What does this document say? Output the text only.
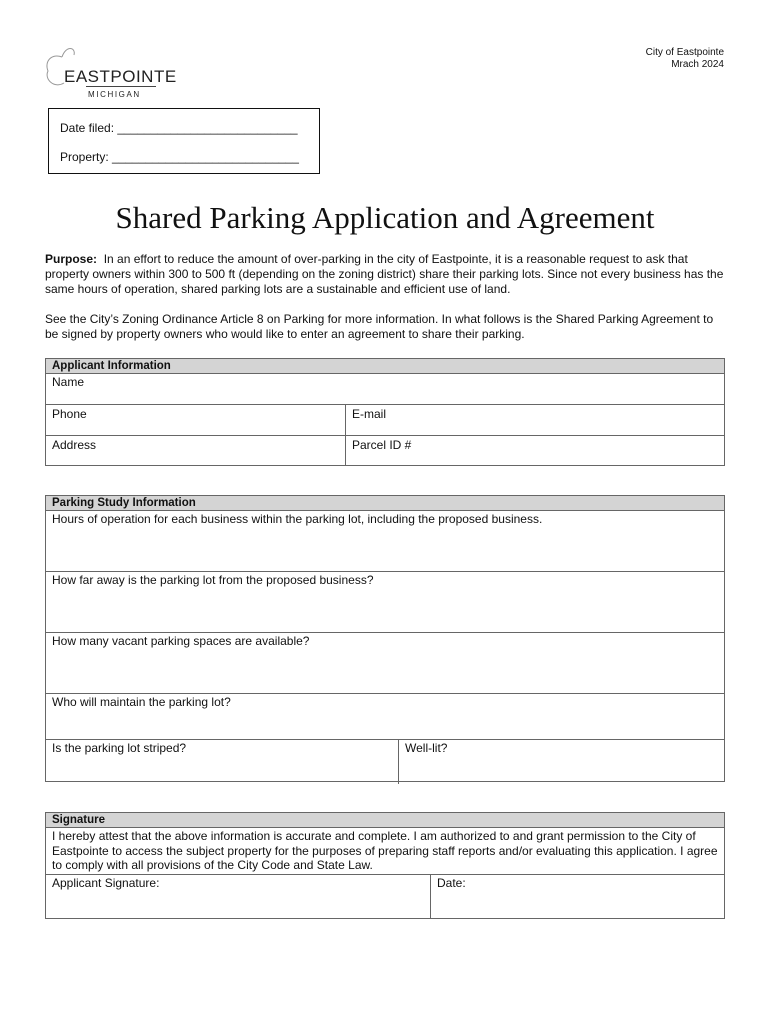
EASTPOINTE
MICHIGAN
City of Eastpointe
Mrach 2024
Date filed: ___________________________
Property: ____________________________
Shared Parking Application and Agreement
Purpose: In an effort to reduce the amount of over-parking in the city of Eastpointe, it is a reasonable request to ask that property owners within 300 to 500 ft (depending on the zoning district) share their parking lots. Since not every business has the same hours of operation, shared parking lots are a sustainable and efficient use of land.
See the City’s Zoning Ordinance Article 8 on Parking for more information. In what follows is the Shared Parking Agreement to be signed by property owners who would like to enter an agreement to share their parking.
Applicant Information
Name
Phone	E-mail
Address	Parcel ID #
Parking Study Information
Hours of operation for each business within the parking lot, including the proposed business.
How far away is the parking lot from the proposed business?
How many vacant parking spaces are available?
Who will maintain the parking lot?
Is the parking lot striped?	Well-lit?
Signature
I hereby attest that the above information is accurate and complete. I am authorized to and grant permission to the City of Eastpointe to access the subject property for the purposes of preparing staff reports and/or evaluating this application. I agree to comply with all provisions of the City Code and State Law.
Applicant Signature:	Date:
